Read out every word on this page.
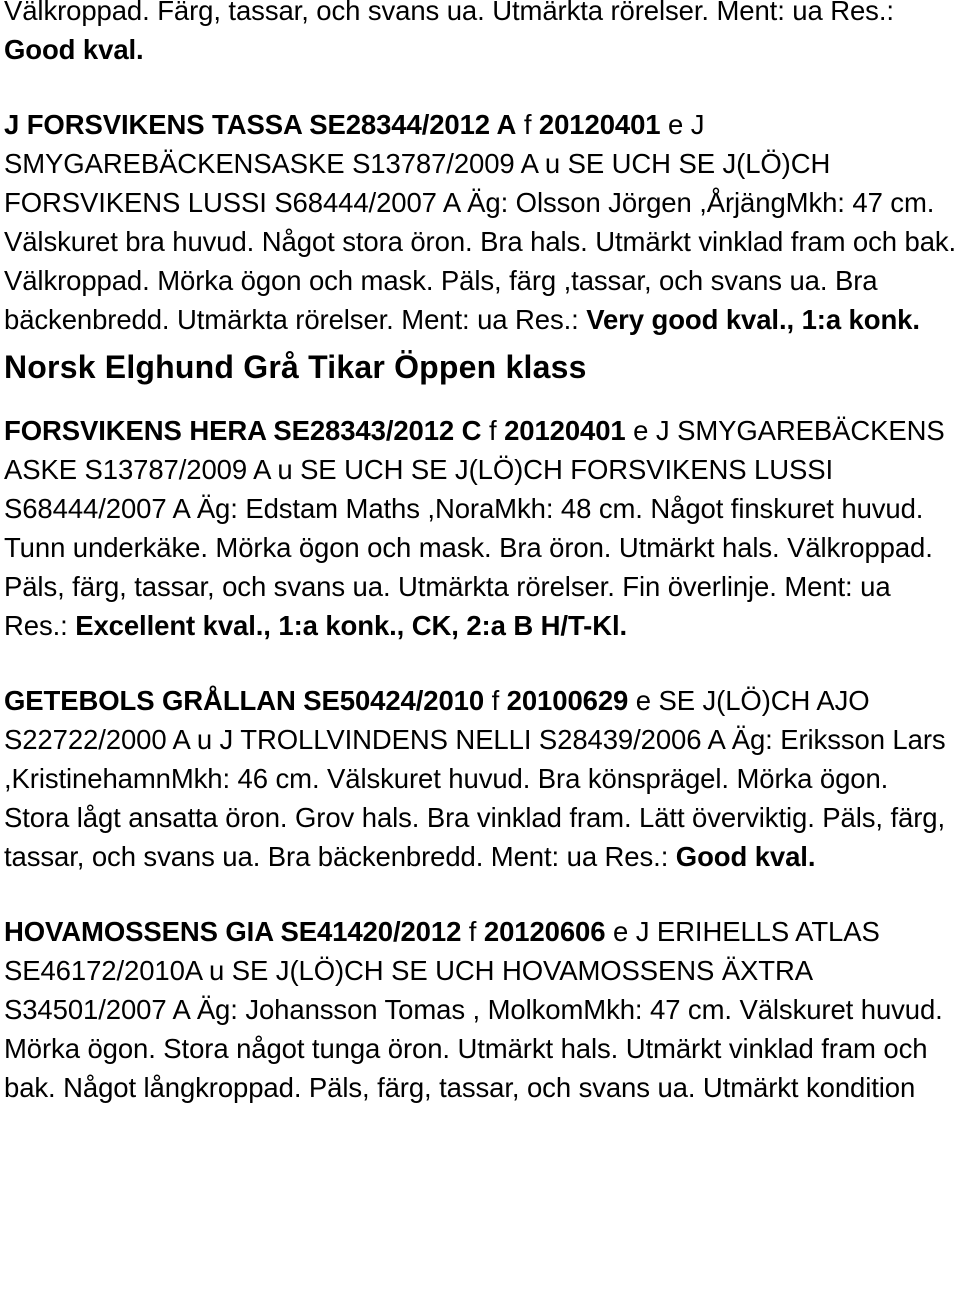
Välkroppad. Färg, tassar, och svans ua. Utmärkta rörelser. Ment: ua Res.: Good kval.

J FORSVIKENS TASSA SE28344/2012 A f 20120401 e J SMYGAREBÄCKENSASKE S13787/2009 A u SE UCH SE J(LÖ)CH FORSVIKENS LUSSI S68444/2007 A Äg: Olsson Jörgen ,ÅrjängMkh: 47 cm. Välskuret bra huvud. Något stora öron. Bra hals. Utmärkt vinklad fram och bak. Välkroppad. Mörka ögon och mask. Päls, färg ,tassar, och svans ua. Bra bäckenbredd. Utmärkta rörelser. Ment: ua Res.: Very good kval., 1:a konk.

Norsk Elghund Grå Tikar Öppen klass

FORSVIKENS HERA SE28343/2012 C f 20120401 e J SMYGAREBÄCKENS ASKE S13787/2009 A u SE UCH SE J(LÖ)CH FORSVIKENS LUSSI S68444/2007 A Äg: Edstam Maths ,NoraMkh: 48 cm. Något finskuret huvud. Tunn underkäke. Mörka ögon och mask. Bra öron. Utmärkt hals. Välkroppad. Päls, färg, tassar, och svans ua. Utmärkta rörelser. Fin överlinje. Ment: ua Res.: Excellent kval., 1:a konk., CK, 2:a B H/T-Kl.

GETEBOLS GRÅLLAN SE50424/2010 f 20100629 e SE J(LÖ)CH AJO S22722/2000 A u J TROLLVINDENS NELLI S28439/2006 A Äg: Eriksson Lars ,KristinehamnMkh: 46 cm. Välskuret huvud. Bra könsprägel. Mörka ögon. Stora lågt ansatta öron. Grov hals. Bra vinklad fram. Lätt överviktig. Päls, färg, tassar, och svans ua. Bra bäckenbredd. Ment: ua Res.: Good kval.

HOVAMOSSENS GIA SE41420/2012 f 20120606 e J ERIHELLS ATLAS SE46172/2010A u SE J(LÖ)CH SE UCH HOVAMOSSENS ÄXTRA S34501/2007 A Äg: Johansson Tomas , MolkomMkh: 47 cm. Välskuret huvud. Mörka ögon. Stora något tunga öron. Utmärkt hals. Utmärkt vinklad fram och bak. Något långkroppad. Päls, färg, tassar, och svans ua. Utmärkt kondition
